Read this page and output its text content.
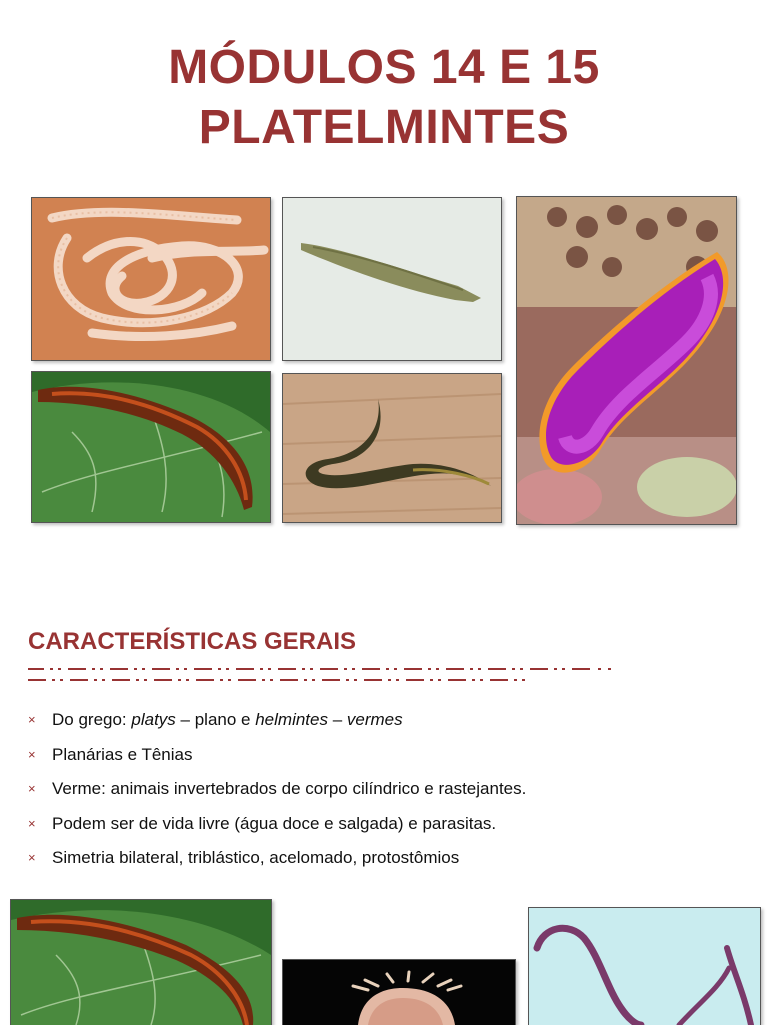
MÓDULOS 14 E 15
PLATELMINTES
CARACTERÍSTICAS GERAIS
× Do grego: platys – plano e helmintes – vermes
× Planárias e Tênias
× Verme: animais invertebrados de corpo cilíndrico e rastejantes.
× Podem ser de vida livre (água doce e salgada) e parasitas.
× Simetria bilateral, triblástico, acelomado, protostômios
